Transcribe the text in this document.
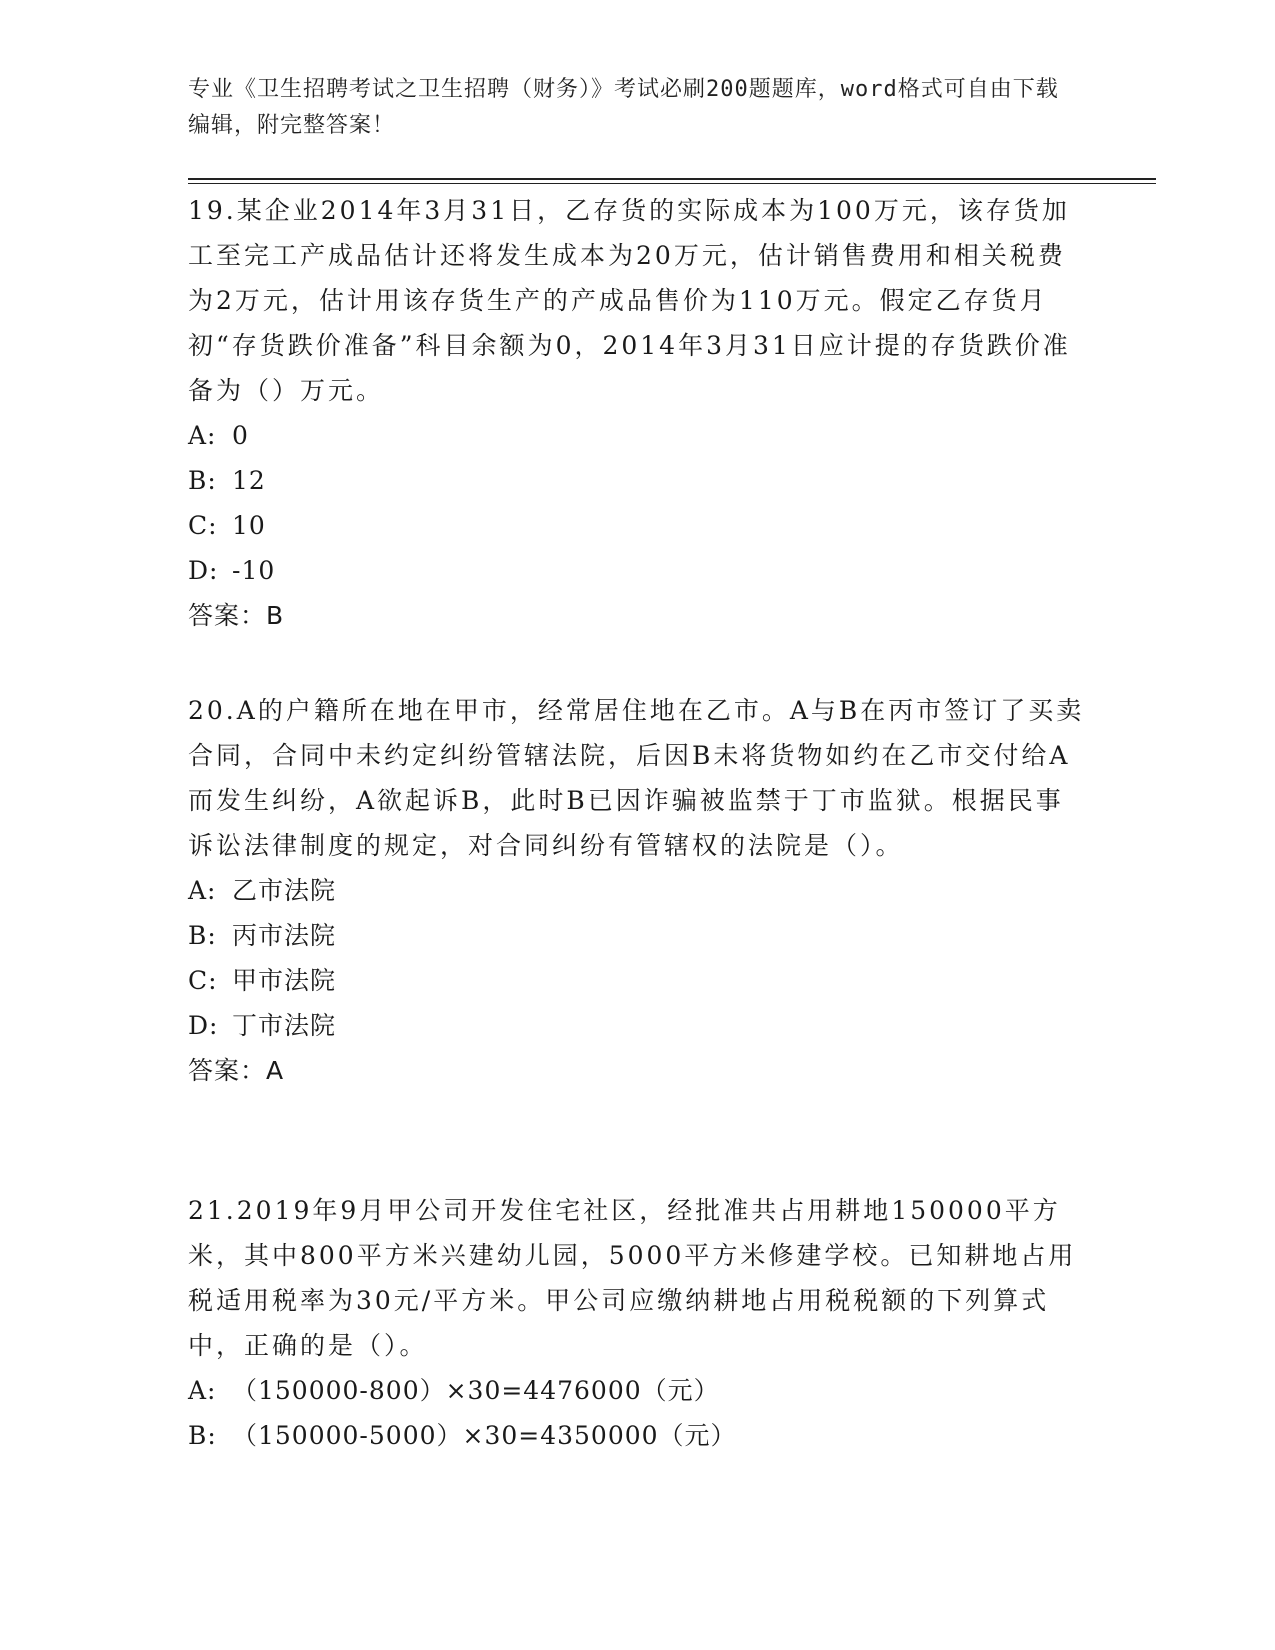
专业《卫生招聘考试之卫生招聘（财务）》考试必刷200题题库，word格式可自由下载编辑，附完整答案！

19.某企业2014年3月31日，乙存货的实际成本为100万元，该存货加工至完工产成品估计还将发生成本为20万元，估计销售费用和相关税费为2万元，估计用该存货生产的产成品售价为110万元。假定乙存货月初“存货跌价准备”科目余额为0，2014年3月31日应计提的存货跌价准备为（）万元。

A: 0
B: 12
C: 10
D: -10
答案：B

20.A的户籍所在地在甲市，经常居住地在乙市。A与B在丙市签订了买卖合同，合同中未约定纠纷管辖法院，后因B未将货物如约在乙市交付给A而发生纠纷，A欲起诉B，此时B已因诈骗被监禁于丁市监狱。根据民事诉讼法律制度的规定，对合同纠纷有管辖权的法院是（）。

A: 乙市法院
B: 丙市法院
C: 甲市法院
D: 丁市法院
答案：A

21.2019年9月甲公司开发住宅社区，经批准共占用耕地150000平方米，其中800平方米兴建幼儿园，5000平方米修建学校。已知耕地占用税适用税率为30元/平方米。甲公司应缴纳耕地占用税税额的下列算式中，正确的是（）。

A: （150000-800）×30=4476000（元）
B: （150000-5000）×30=4350000（元）
